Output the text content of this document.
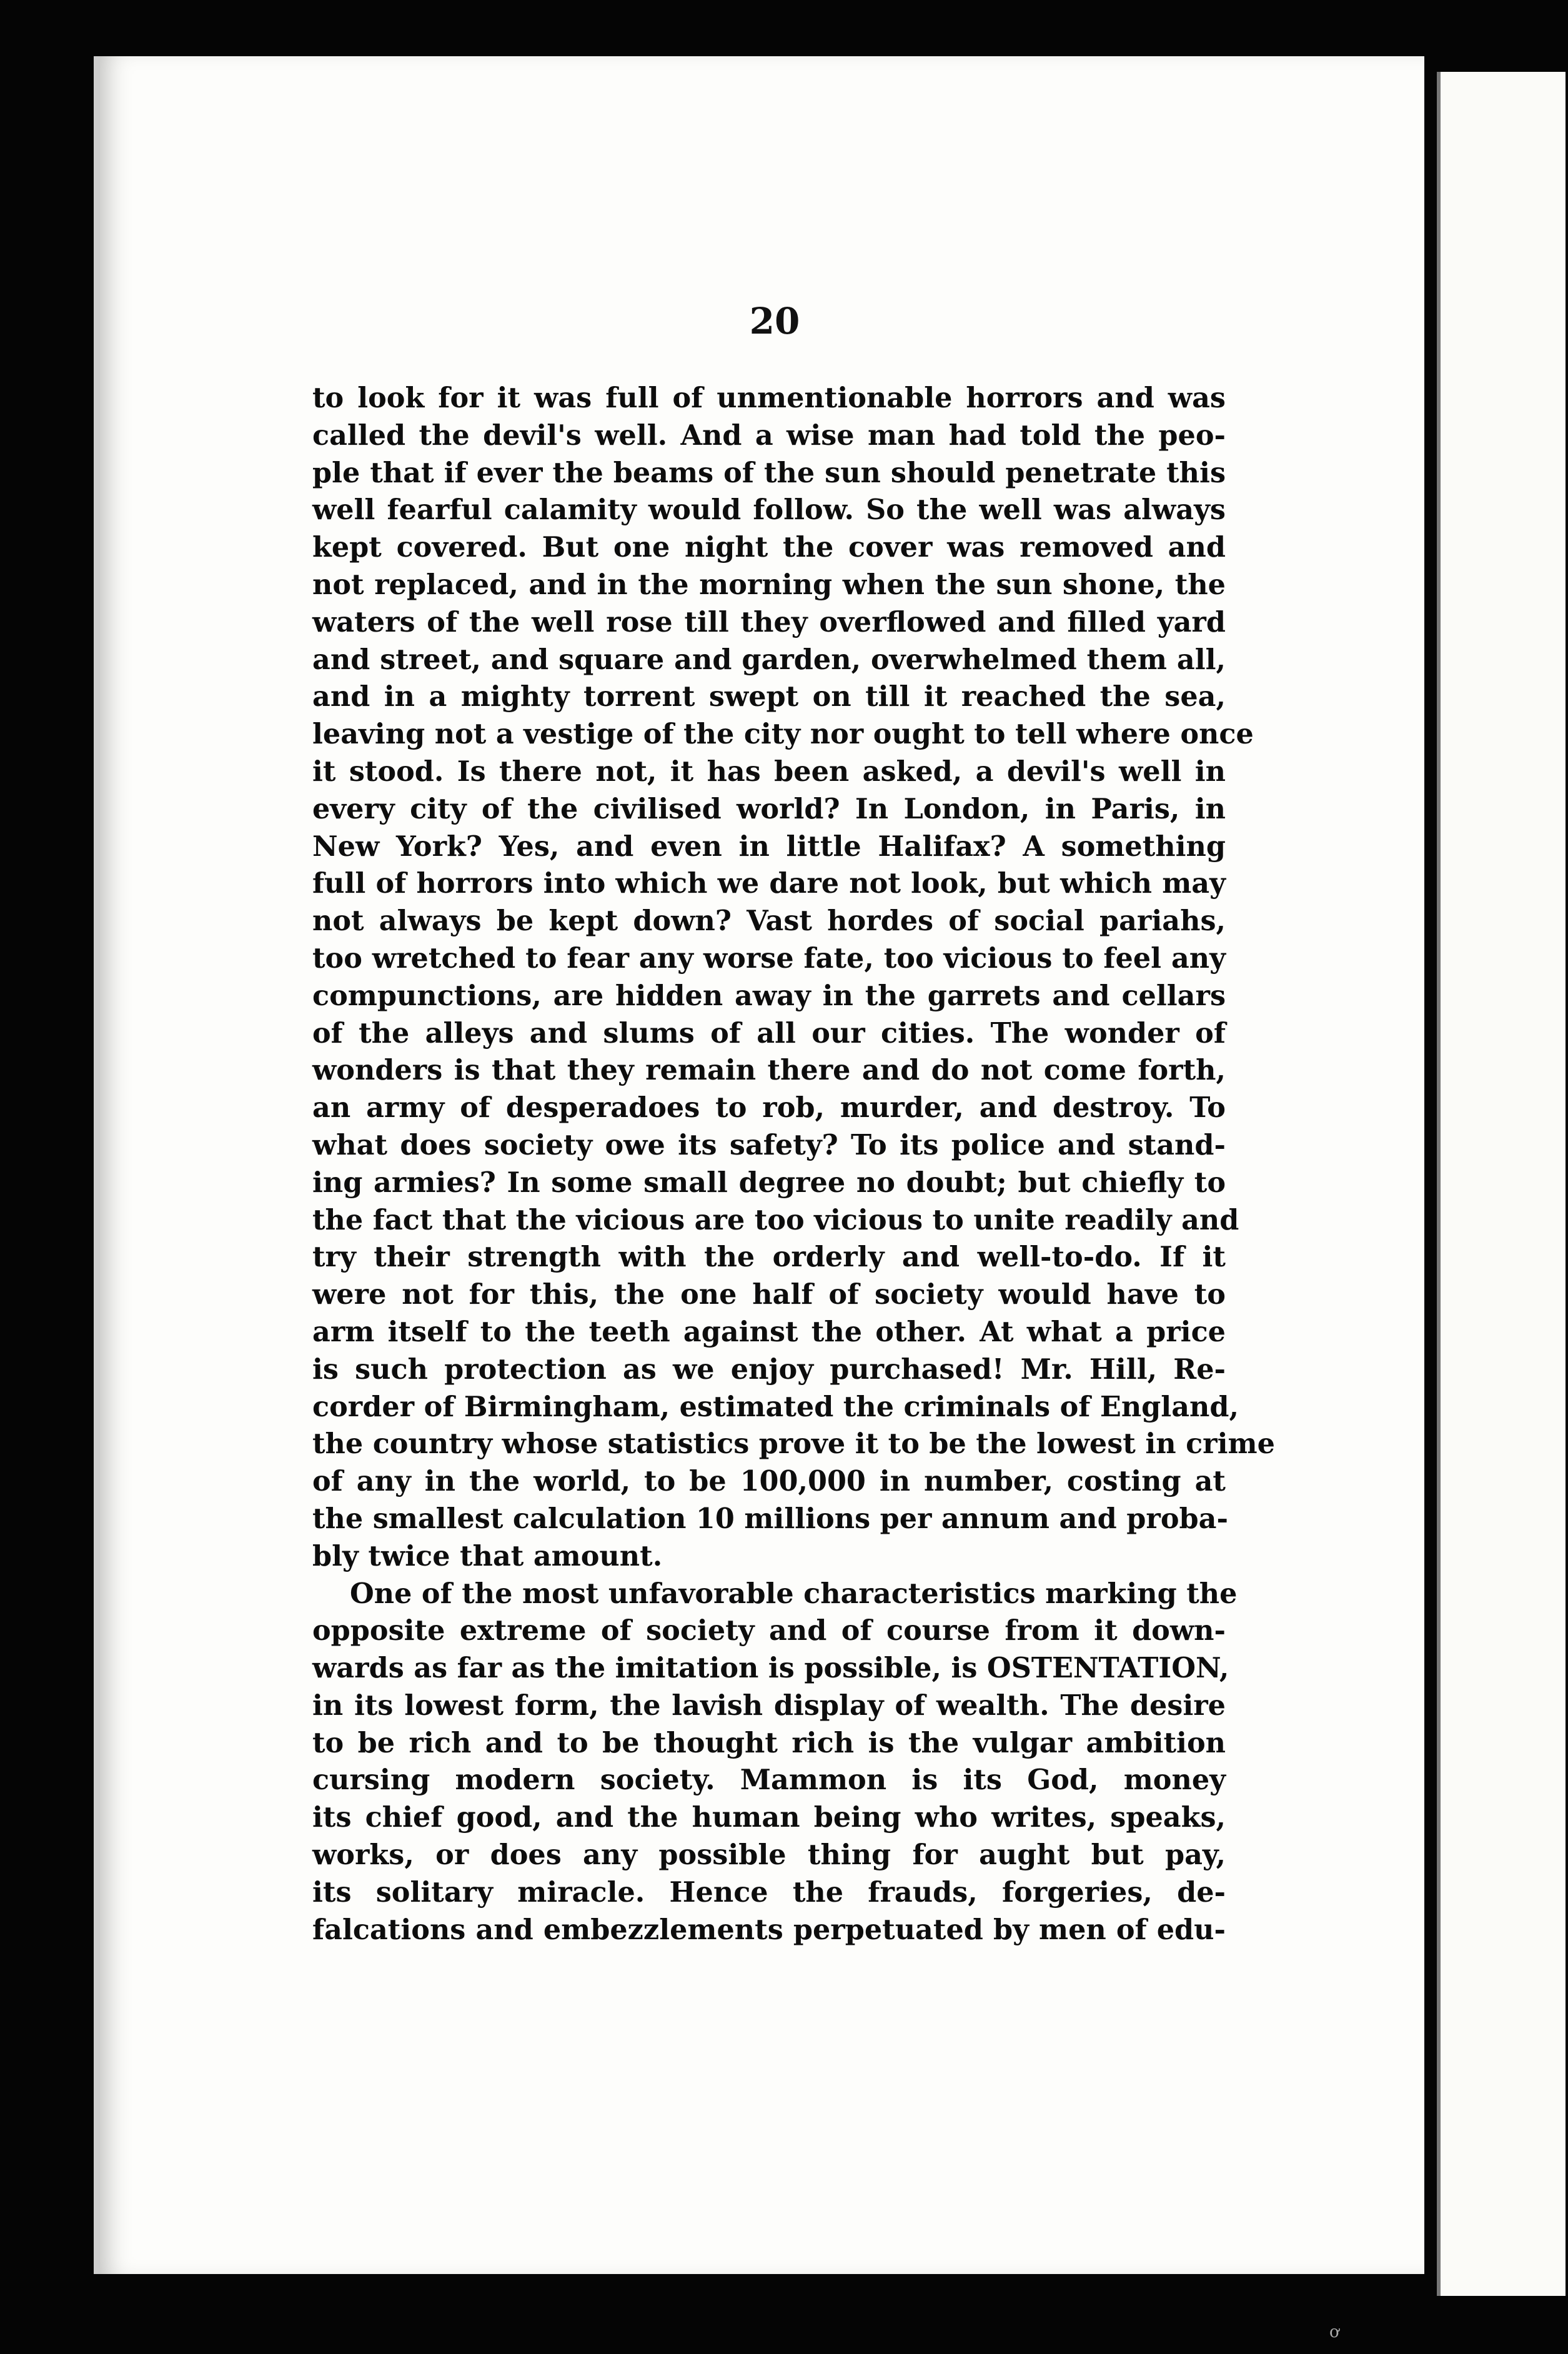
20
to look for it was full of unmentionable horrors and was
called the devil's well. And a wise man had told the peo-
ple that if ever the beams of the sun should penetrate this
well fearful calamity would follow. So the well was always
kept covered. But one night the cover was removed and
not replaced, and in the morning when the sun shone, the
waters of the well rose till they overflowed and filled yard
and street, and square and garden, overwhelmed them all,
and in a mighty torrent swept on till it reached the sea,
leaving not a vestige of the city nor ought to tell where once
it stood. Is there not, it has been asked, a devil's well in
every city of the civilised world? In London, in Paris, in
New York? Yes, and even in little Halifax? A something
full of horrors into which we dare not look, but which may
not always be kept down? Vast hordes of social pariahs,
too wretched to fear any worse fate, too vicious to feel any
compunctions, are hidden away in the garrets and cellars
of the alleys and slums of all our cities. The wonder of
wonders is that they remain there and do not come forth,
an army of desperadoes to rob, murder, and destroy. To
what does society owe its safety? To its police and stand-
ing armies? In some small degree no doubt; but chiefly to
the fact that the vicious are too vicious to unite readily and
try their strength with the orderly and well-to-do. If it
were not for this, the one half of society would have to
arm itself to the teeth against the other. At what a price
is such protection as we enjoy purchased! Mr. Hill, Re-
corder of Birmingham, estimated the criminals of England,
the country whose statistics prove it to be the lowest in crime
of any in the world, to be 100,000 in number, costing at
the smallest calculation 10 millions per annum and proba-
bly twice that amount.
One of the most unfavorable characteristics marking the
opposite extreme of society and of course from it down-
wards as far as the imitation is possible, is OSTENTATION,
in its lowest form, the lavish display of wealth. The desire
to be rich and to be thought rich is the vulgar ambition
cursing modern society. Mammon is its God, money
its chief good, and the human being who writes, speaks,
works, or does any possible thing for aught but pay,
its solitary miracle. Hence the frauds, forgeries, de-
falcations and embezzlements perpetuated by men of edu-
ơ
